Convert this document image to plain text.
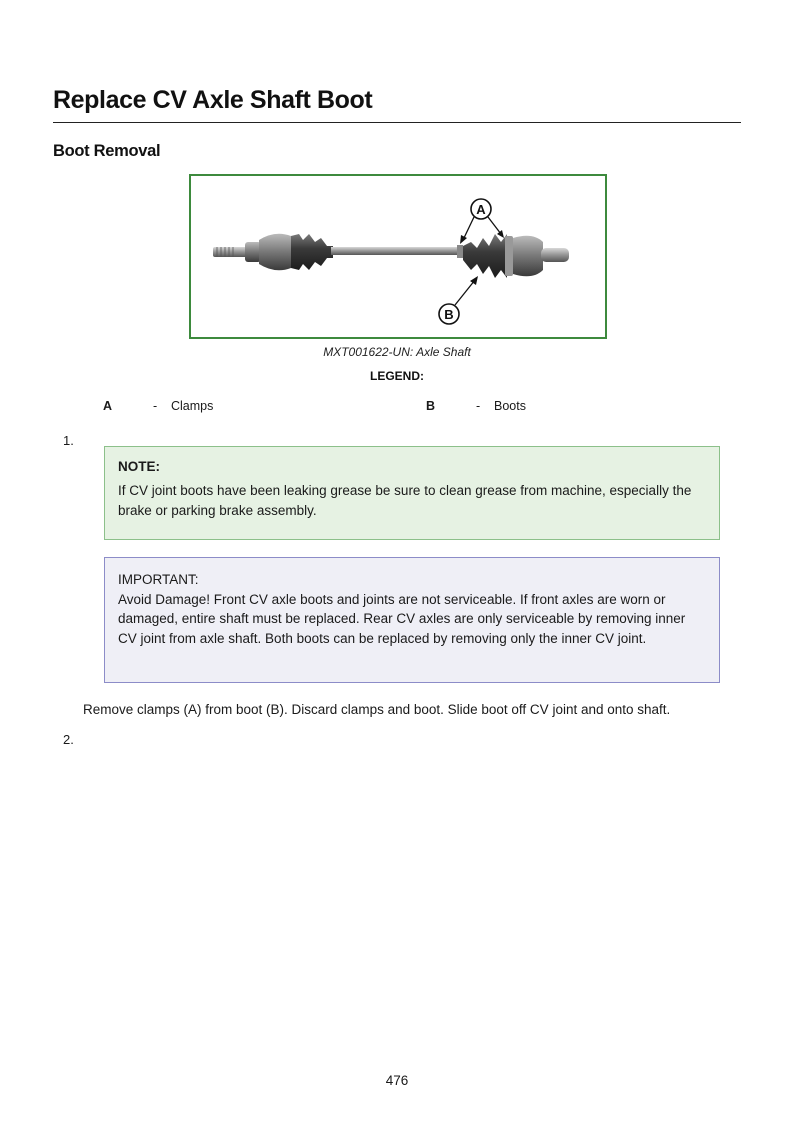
Replace CV Axle Shaft Boot
Boot Removal
A
B
MXT001622-UN: Axle Shaft
LEGEND:
A	- Clamps	B	- Boots
1.

NOTE:

If CV joint boots have been leaking grease be sure to clean grease from machine, especially the brake or parking brake assembly.

IMPORTANT:

Avoid Damage! Front CV axle boots and joints are not serviceable. If front axles are worn or damaged, entire shaft must be replaced. Rear CV axles are only serviceable by removing inner CV joint from axle shaft. Both boots can be replaced by removing only the inner CV joint.

Remove clamps (A) from boot (B). Discard clamps and boot. Slide boot off CV joint and onto shaft.
2.
476
